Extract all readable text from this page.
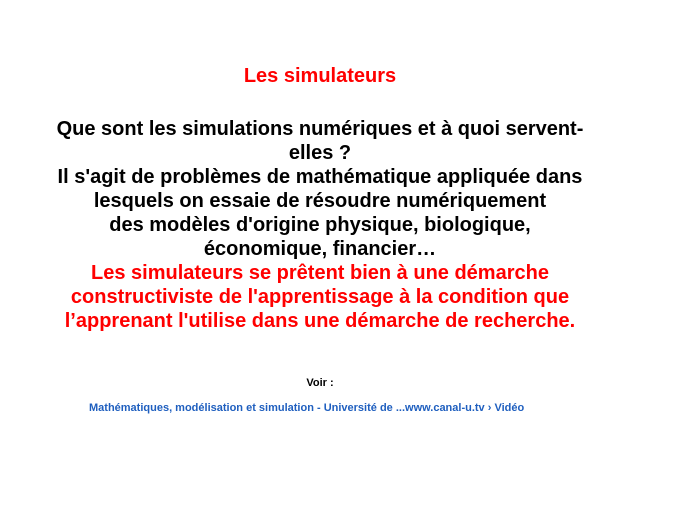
Les simulateurs
Que sont les simulations numériques et à quoi servent-
elles ?
Il s'agit de problèmes de mathématique appliquée dans
lesquels on essaie de résoudre numériquement
des modèles d'origine physique, biologique,
économique, financier…
Les simulateurs se prêtent bien à une démarche
constructiviste de l'apprentissage à la condition que
l’apprenant l'utilise dans une démarche de recherche.
Voir :
Mathématiques, modélisation et simulation - Université de ...www.canal-u.tv › Vidéo
